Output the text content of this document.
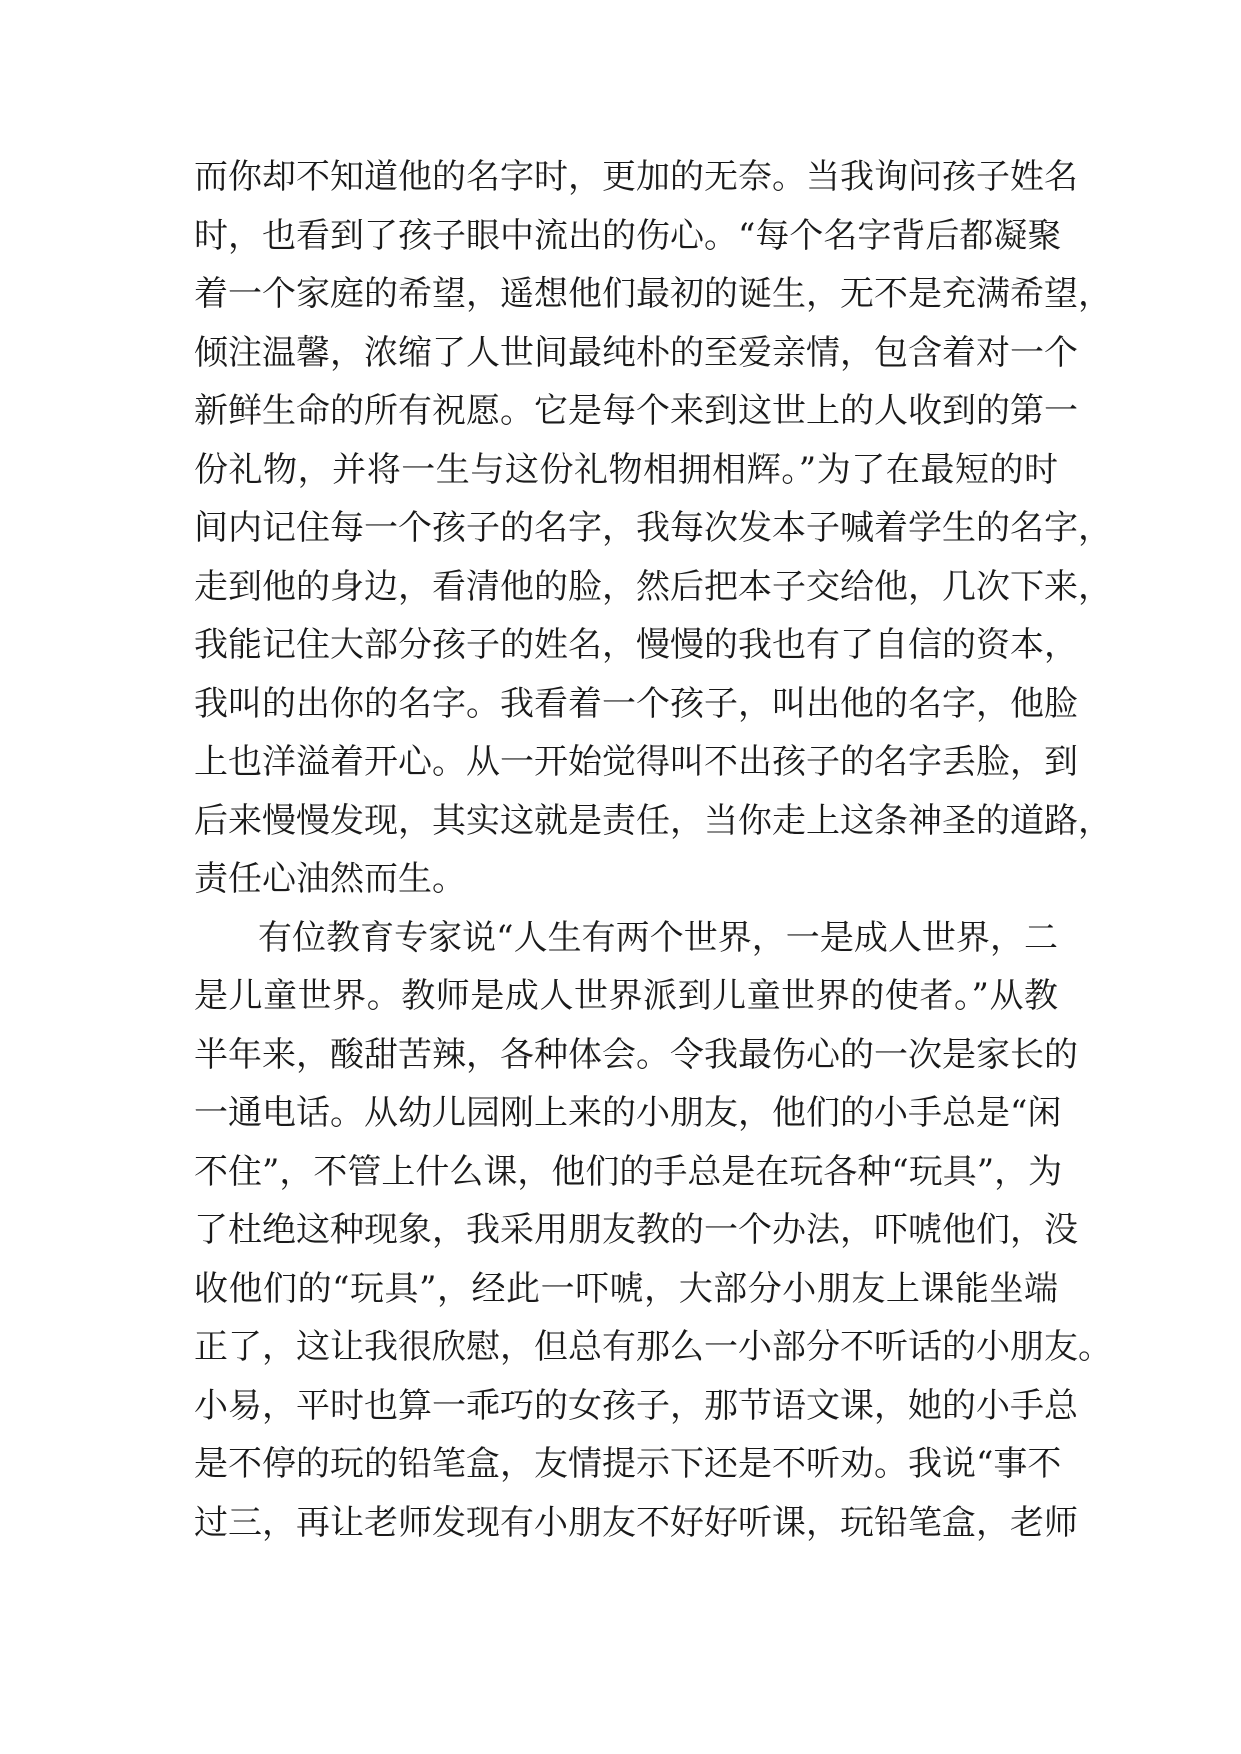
而你却不知道他的名字时，更加的无奈。当我询问孩子姓名
时，也看到了孩子眼中流出的伤心。“每个名字背后都凝聚
着一个家庭的希望，遥想他们最初的诞生，无不是充满希望，
倾注温馨，浓缩了人世间最纯朴的至爱亲情，包含着对一个
新鲜生命的所有祝愿。它是每个来到这世上的人收到的第一
份礼物，并将一生与这份礼物相拥相辉。”为了在最短的时
间内记住每一个孩子的名字，我每次发本子喊着学生的名字，
走到他的身边，看清他的脸，然后把本子交给他，几次下来，
我能记住大部分孩子的姓名，慢慢的我也有了自信的资本，
我叫的出你的名字。我看着一个孩子，叫出他的名字，他脸
上也洋溢着开心。从一开始觉得叫不出孩子的名字丢脸，到
后来慢慢发现，其实这就是责任，当你走上这条神圣的道路，
责任心油然而生。
有位教育专家说“人生有两个世界，一是成人世界，二
是儿童世界。教师是成人世界派到儿童世界的使者。”从教
半年来，酸甜苦辣，各种体会。令我最伤心的一次是家长的
一通电话。从幼儿园刚上来的小朋友，他们的小手总是“闲
不住”，不管上什么课，他们的手总是在玩各种“玩具”，为
了杜绝这种现象，我采用朋友教的一个办法，吓唬他们，没
收他们的“玩具”，经此一吓唬，大部分小朋友上课能坐端
正了，这让我很欣慰，但总有那么一小部分不听话的小朋友。
小易，平时也算一乖巧的女孩子，那节语文课，她的小手总
是不停的玩的铅笔盒，友情提示下还是不听劝。我说“事不
过三，再让老师发现有小朋友不好好听课，玩铅笔盒，老师
